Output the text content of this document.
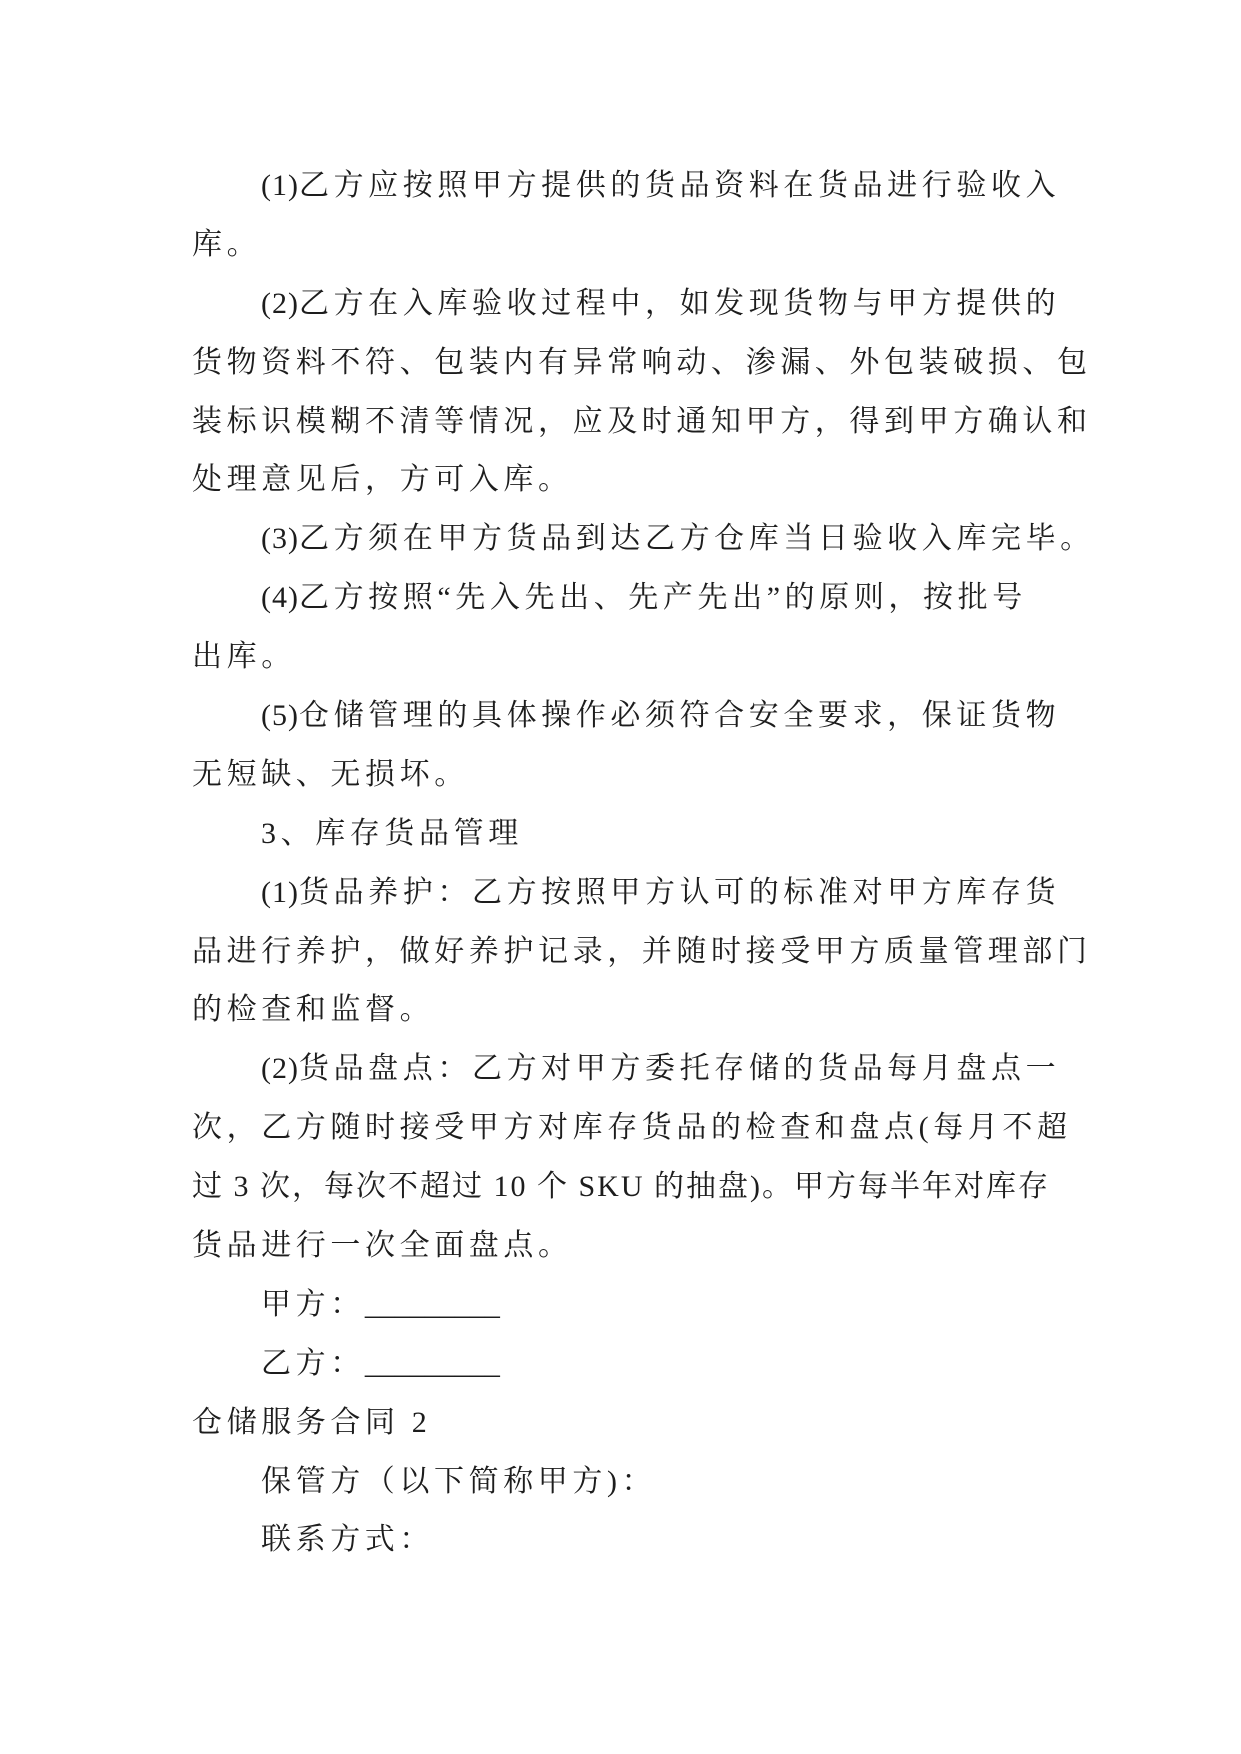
(1)乙方应按照甲方提供的货品资料在货品进行验收入
库。
(2)乙方在入库验收过程中，如发现货物与甲方提供的
货物资料不符、包装内有异常响动、渗漏、外包装破损、包
装标识模糊不清等情况，应及时通知甲方，得到甲方确认和
处理意见后，方可入库。
(3)乙方须在甲方货品到达乙方仓库当日验收入库完毕。
(4)乙方按照“先入先出、先产先出”的原则，按批号
出库。
(5)仓储管理的具体操作必须符合安全要求，保证货物
无短缺、无损坏。
3、库存货品管理
(1)货品养护：乙方按照甲方认可的标准对甲方库存货
品进行养护，做好养护记录，并随时接受甲方质量管理部门
的检查和监督。
(2)货品盘点：乙方对甲方委托存储的货品每月盘点一
次，乙方随时接受甲方对库存货品的检查和盘点(每月不超
过 3 次，每次不超过 10 个 SKU 的抽盘)。甲方每半年对库存
货品进行一次全面盘点。
甲方：_________
乙方：_________
仓储服务合同 2
保管方（以下简称甲方)：
联系方式：
